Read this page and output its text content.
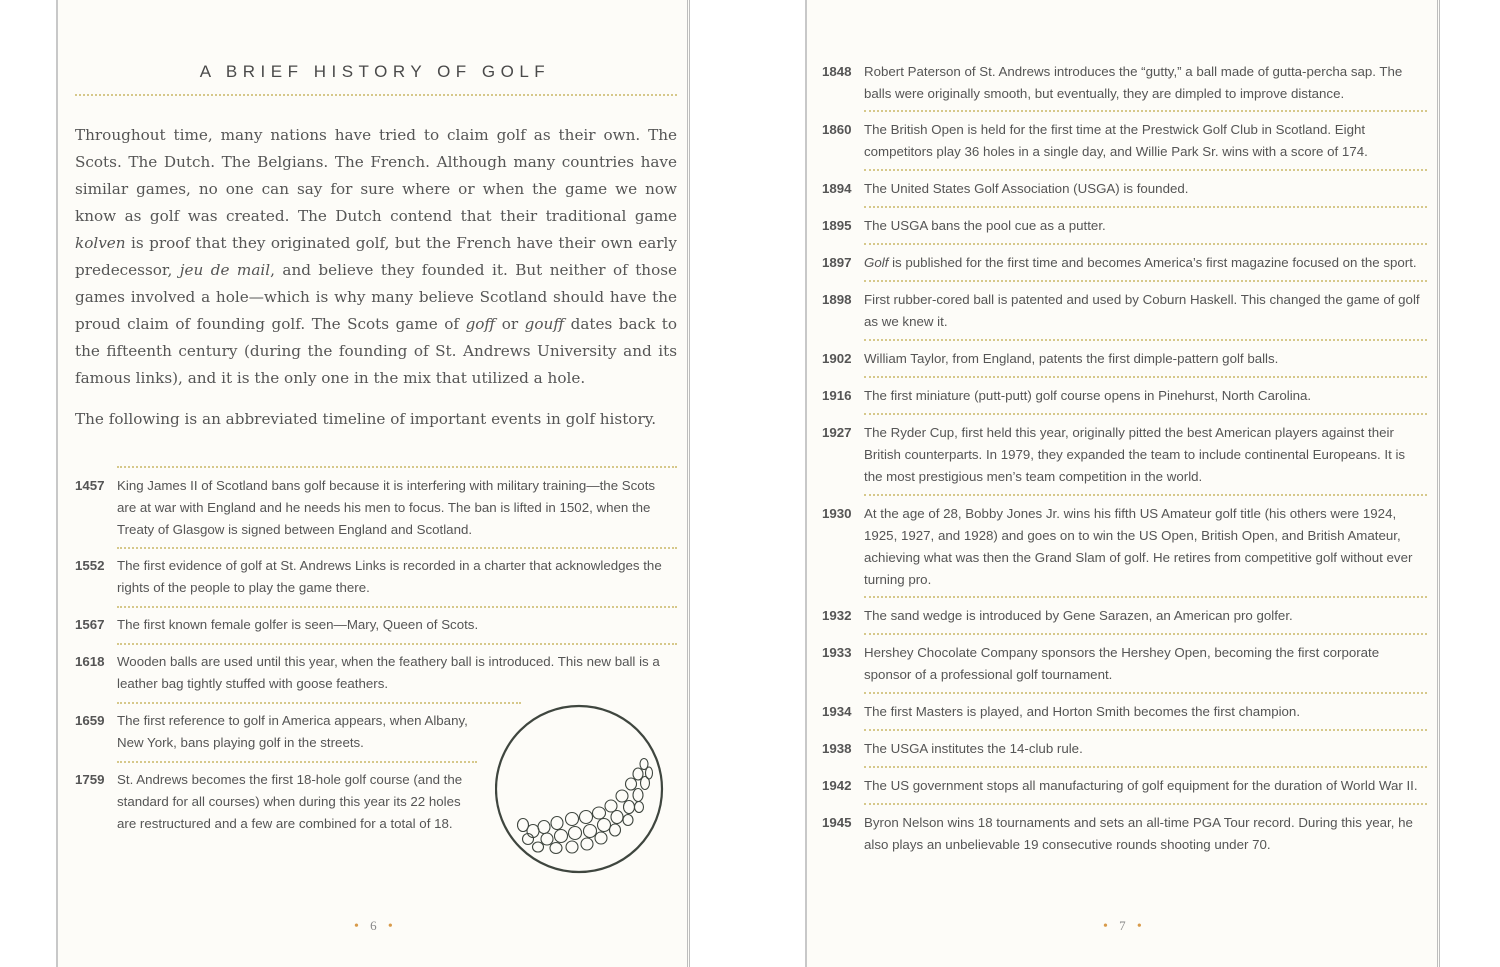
A BRIEF HISTORY OF GOLF

Throughout time, many nations have tried to claim golf as their own. The Scots. The Dutch. The Belgians. The French. Although many countries have similar games, no one can say for sure where or when the game we now know as golf was created. The Dutch contend that their traditional game kolven is proof that they originated golf, but the French have their own early predecessor, jeu de mail, and believe they founded it. But neither of those games involved a hole—which is why many believe Scotland should have the proud claim of founding golf. The Scots game of goff or gouff dates back to the fifteenth century (during the founding of St. Andrews University and its famous links), and it is the only one in the mix that utilized a hole.

The following is an abbreviated timeline of important events in golf history.

1457 King James II of Scotland bans golf because it is interfering with military training—the Scots are at war with England and he needs his men to focus. The ban is lifted in 1502, when the Treaty of Glasgow is signed between England and Scotland.
1552 The first evidence of golf at St. Andrews Links is recorded in a charter that acknowledges the rights of the people to play the game there.
1567 The first known female golfer is seen—Mary, Queen of Scots.
1618 Wooden balls are used until this year, when the feathery ball is introduced. This new ball is a leather bag tightly stuffed with goose feathers.
1659 The first reference to golf in America appears, when Albany, New York, bans playing golf in the streets.
1759 St. Andrews becomes the first 18-hole golf course (and the standard for all courses) when during this year its 22 holes are restructured and a few are combined for a total of 18.
• 6 •
1848 Robert Paterson of St. Andrews introduces the “gutty,” a ball made of gutta-percha sap. The balls were originally smooth, but eventually, they are dimpled to improve distance.
1860 The British Open is held for the first time at the Prestwick Golf Club in Scotland. Eight competitors play 36 holes in a single day, and Willie Park Sr. wins with a score of 174.
1894 The United States Golf Association (USGA) is founded.
1895 The USGA bans the pool cue as a putter.
1897 Golf is published for the first time and becomes America’s first magazine focused on the sport.
1898 First rubber-cored ball is patented and used by Coburn Haskell. This changed the game of golf as we knew it.
1902 William Taylor, from England, patents the first dimple-pattern golf balls.
1916 The first miniature (putt-putt) golf course opens in Pinehurst, North Carolina.
1927 The Ryder Cup, first held this year, originally pitted the best American players against their British counterparts. In 1979, they expanded the team to include continental Europeans. It is the most prestigious men’s team competition in the world.
1930 At the age of 28, Bobby Jones Jr. wins his fifth US Amateur golf title (his others were 1924, 1925, 1927, and 1928) and goes on to win the US Open, British Open, and British Amateur, achieving what was then the Grand Slam of golf. He retires from competitive golf without ever turning pro.
1932 The sand wedge is introduced by Gene Sarazen, an American pro golfer.
1933 Hershey Chocolate Company sponsors the Hershey Open, becoming the first corporate sponsor of a professional golf tournament.
1934 The first Masters is played, and Horton Smith becomes the first champion.
1938 The USGA institutes the 14-club rule.
1942 The US government stops all manufacturing of golf equipment for the duration of World War II.
1945 Byron Nelson wins 18 tournaments and sets an all-time PGA Tour record. During this year, he also plays an unbelievable 19 consecutive rounds shooting under 70.
• 7 •
